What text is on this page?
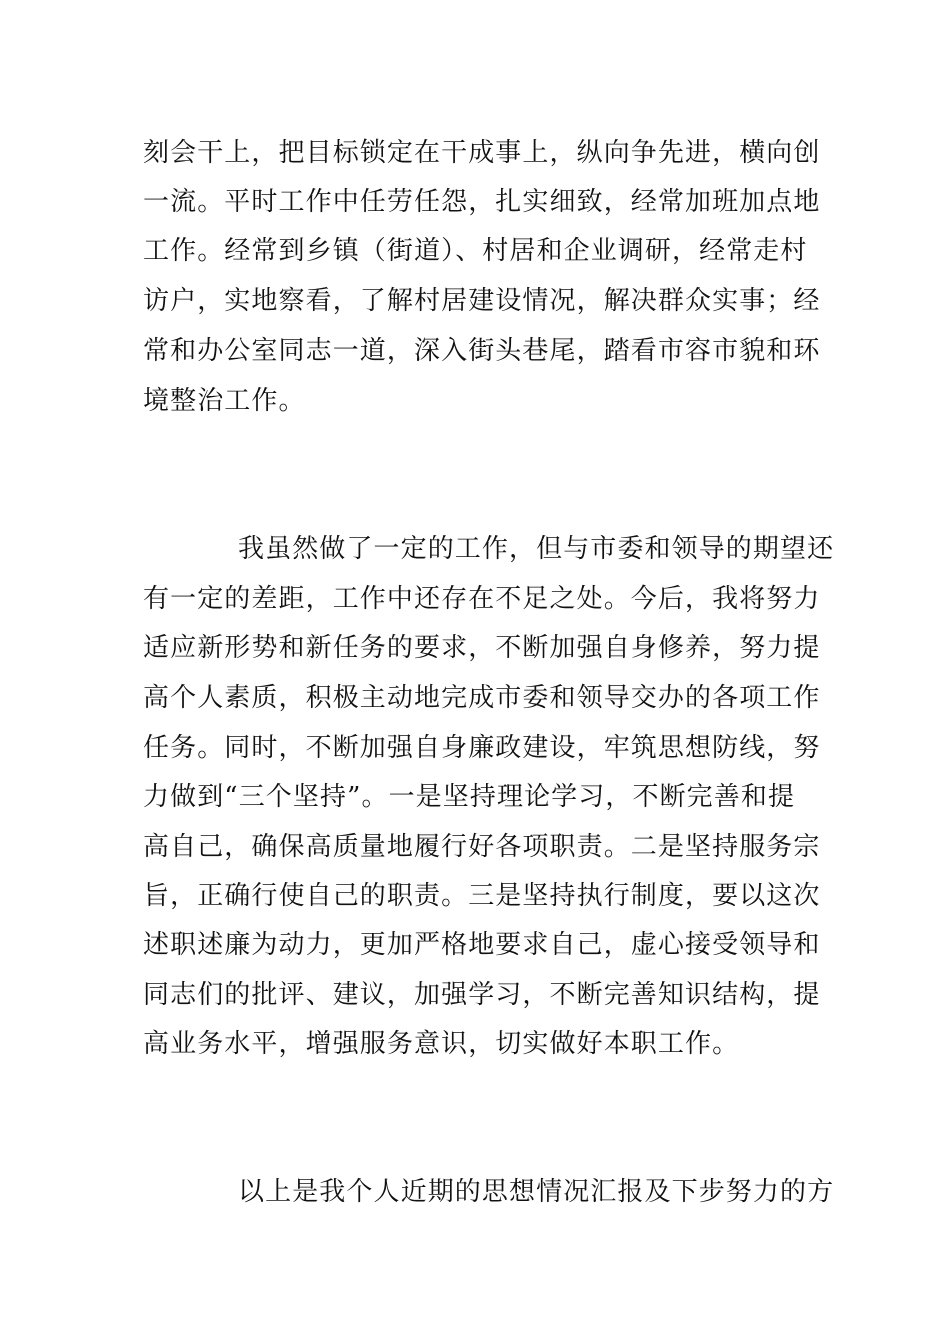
刻会干上，把目标锁定在干成事上，纵向争先进，横向创
一流。平时工作中任劳任怨，扎实细致，经常加班加点地
工作。经常到乡镇（街道）、村居和企业调研，经常走村
访户，实地察看，了解村居建设情况，解决群众实事；经
常和办公室同志一道，深入街头巷尾，踏看市容市貌和环
境整治工作。
我虽然做了一定的工作，但与市委和领导的期望还
有一定的差距，工作中还存在不足之处。今后，我将努力
适应新形势和新任务的要求，不断加强自身修养，努力提
高个人素质，积极主动地完成市委和领导交办的各项工作
任务。同时，不断加强自身廉政建设，牢筑思想防线，努
力做到“三个坚持”。一是坚持理论学习，不断完善和提
高自己，确保高质量地履行好各项职责。二是坚持服务宗
旨，正确行使自己的职责。三是坚持执行制度，要以这次
述职述廉为动力，更加严格地要求自己，虚心接受领导和
同志们的批评、建议，加强学习，不断完善知识结构，提
高业务水平，增强服务意识，切实做好本职工作。
以上是我个人近期的思想情况汇报及下步努力的方
